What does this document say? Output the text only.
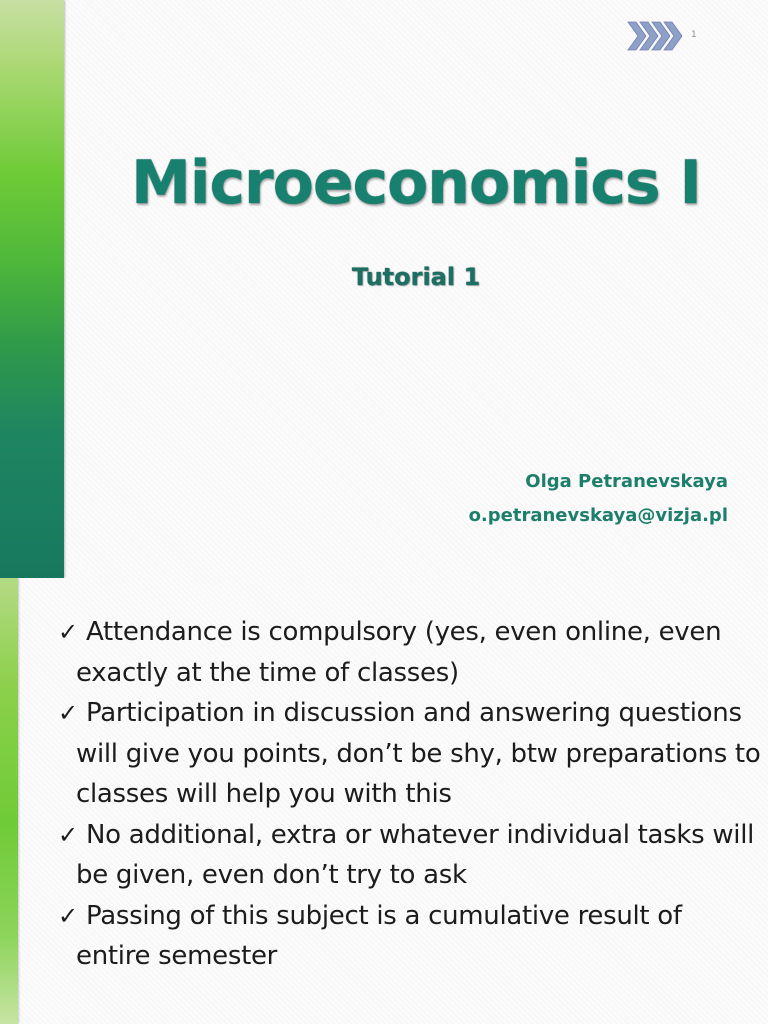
1
Microeconomics I
Tutorial 1
Olga Petranevskaya
o.petranevskaya@vizja.pl
✓ Attendance is compulsory (yes, even online, even exactly at the time of classes)
✓ Participation in discussion and answering questions will give you points, don’t be shy, btw preparations to classes will help you with this
✓ No additional, extra or whatever individual tasks will be given, even don’t try to ask
✓ Passing of this subject is a cumulative result of entire semester
